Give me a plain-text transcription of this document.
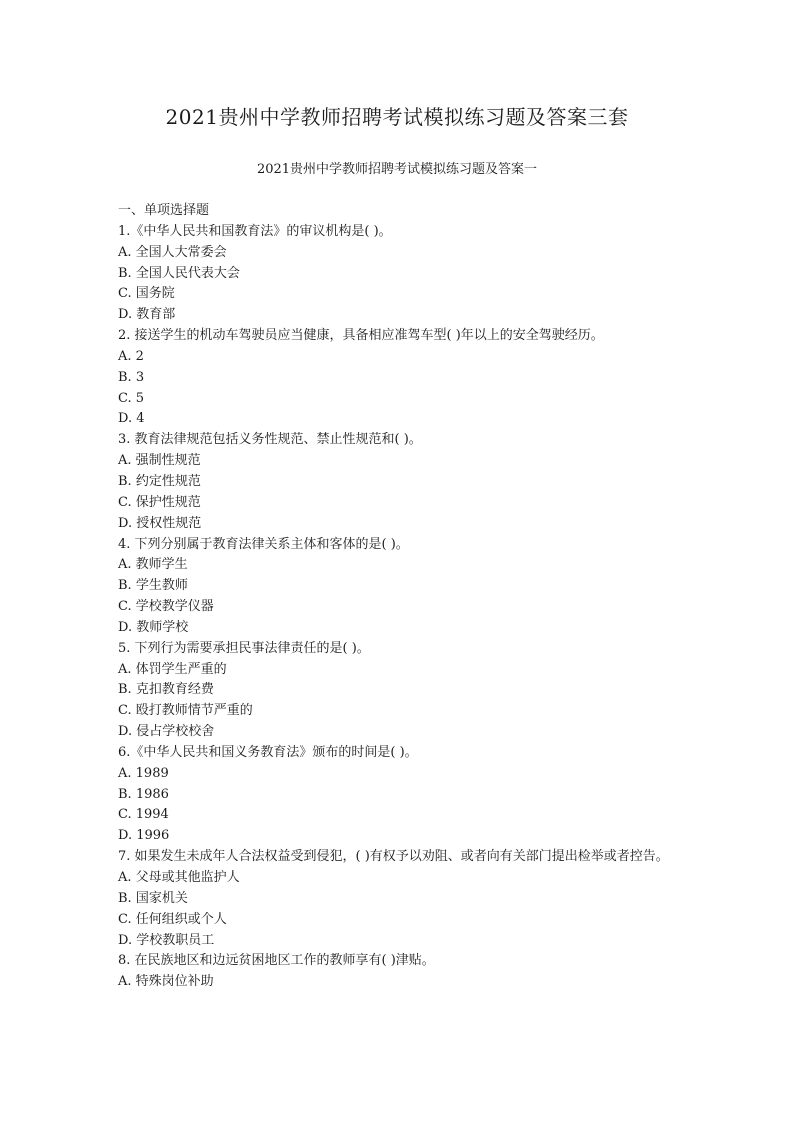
2021贵州中学教师招聘考试模拟练习题及答案三套
2021贵州中学教师招聘考试模拟练习题及答案一
一、单项选择题
1.《中华人民共和国教育法》的审议机构是( )。
A. 全国人大常委会
B. 全国人民代表大会
C. 国务院
D. 教育部
2. 接送学生的机动车驾驶员应当健康，具备相应准驾车型( )年以上的安全驾驶经历。
A. 2
B. 3
C. 5
D. 4
3. 教育法律规范包括义务性规范、禁止性规范和( )。
A. 强制性规范
B. 约定性规范
C. 保护性规范
D. 授权性规范
4. 下列分别属于教育法律关系主体和客体的是( )。
A. 教师学生
B. 学生教师
C. 学校教学仪器
D. 教师学校
5. 下列行为需要承担民事法律责任的是( )。
A. 体罚学生严重的
B. 克扣教育经费
C. 殴打教师情节严重的
D. 侵占学校校舍
6.《中华人民共和国义务教育法》颁布的时间是( )。
A. 1989
B. 1986
C. 1994
D. 1996
7. 如果发生未成年人合法权益受到侵犯，( )有权予以劝阻、或者向有关部门提出检举或者控告。
A. 父母或其他监护人
B. 国家机关
C. 任何组织或个人
D. 学校教职员工
8. 在民族地区和边远贫困地区工作的教师享有( )津贴。
A. 特殊岗位补助
